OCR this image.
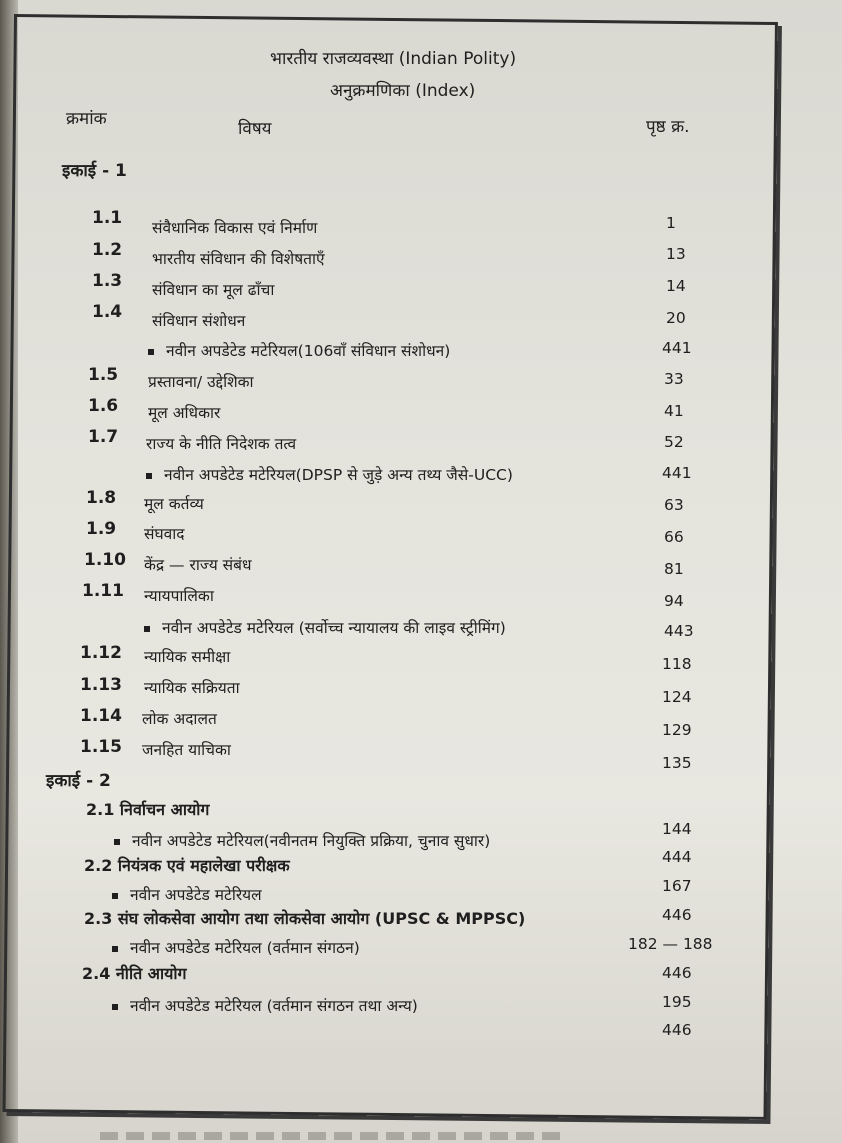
भारतीय राजव्यवस्था (Indian Polity)
अनुक्रमणिका (Index)
क्रमांक	विषय	पृष्ठ क्र.
इकाई - 1
1.1
1.2
1.3
1.4
1.5
1.6
1.7
1.8
1.9
1.10
1.11
1.12
1.13
1.14
1.15
संवैधानिक विकास एवं निर्माण
भारतीय संविधान की विशेषताएँ
संविधान का मूल ढाँचा
संविधान संशोधन
नवीन अपडेटेड मटेरियल(106वाँ संविधान संशोधन)
प्रस्तावना/ उद्देशिका
मूल अधिकार
राज्य के नीति निदेशक तत्व
नवीन अपडेटेड मटेरियल(DPSP से जुड़े अन्य तथ्य जैसे-UCC)
मूल कर्तव्य
संघवाद
केंद्र — राज्य संबंध
न्यायपालिका
नवीन अपडेटेड मटेरियल (सर्वोच्च न्यायालय की लाइव स्ट्रीमिंग)
न्यायिक समीक्षा
न्यायिक सक्रियता
लोक अदालत
जनहित याचिका
इकाई - 2
2.1 निर्वाचन आयोग
नवीन अपडेटेड मटेरियल(नवीनतम नियुक्ति प्रक्रिया, चुनाव सुधार)
2.2 नियंत्रक एवं महालेखा परीक्षक
नवीन अपडेटेड मटेरियल
2.3 संघ लोकसेवा आयोग तथा लोकसेवा आयोग (UPSC & MPPSC)
नवीन अपडेटेड मटेरियल (वर्तमान संगठन)
2.4 नीति आयोग
नवीन अपडेटेड मटेरियल (वर्तमान संगठन तथा अन्य)
1
13
14
20
441
33
41
52
441
63
66
81
94
443
118
124
129
135
144
444
167
446
182 — 188
446
195
446
